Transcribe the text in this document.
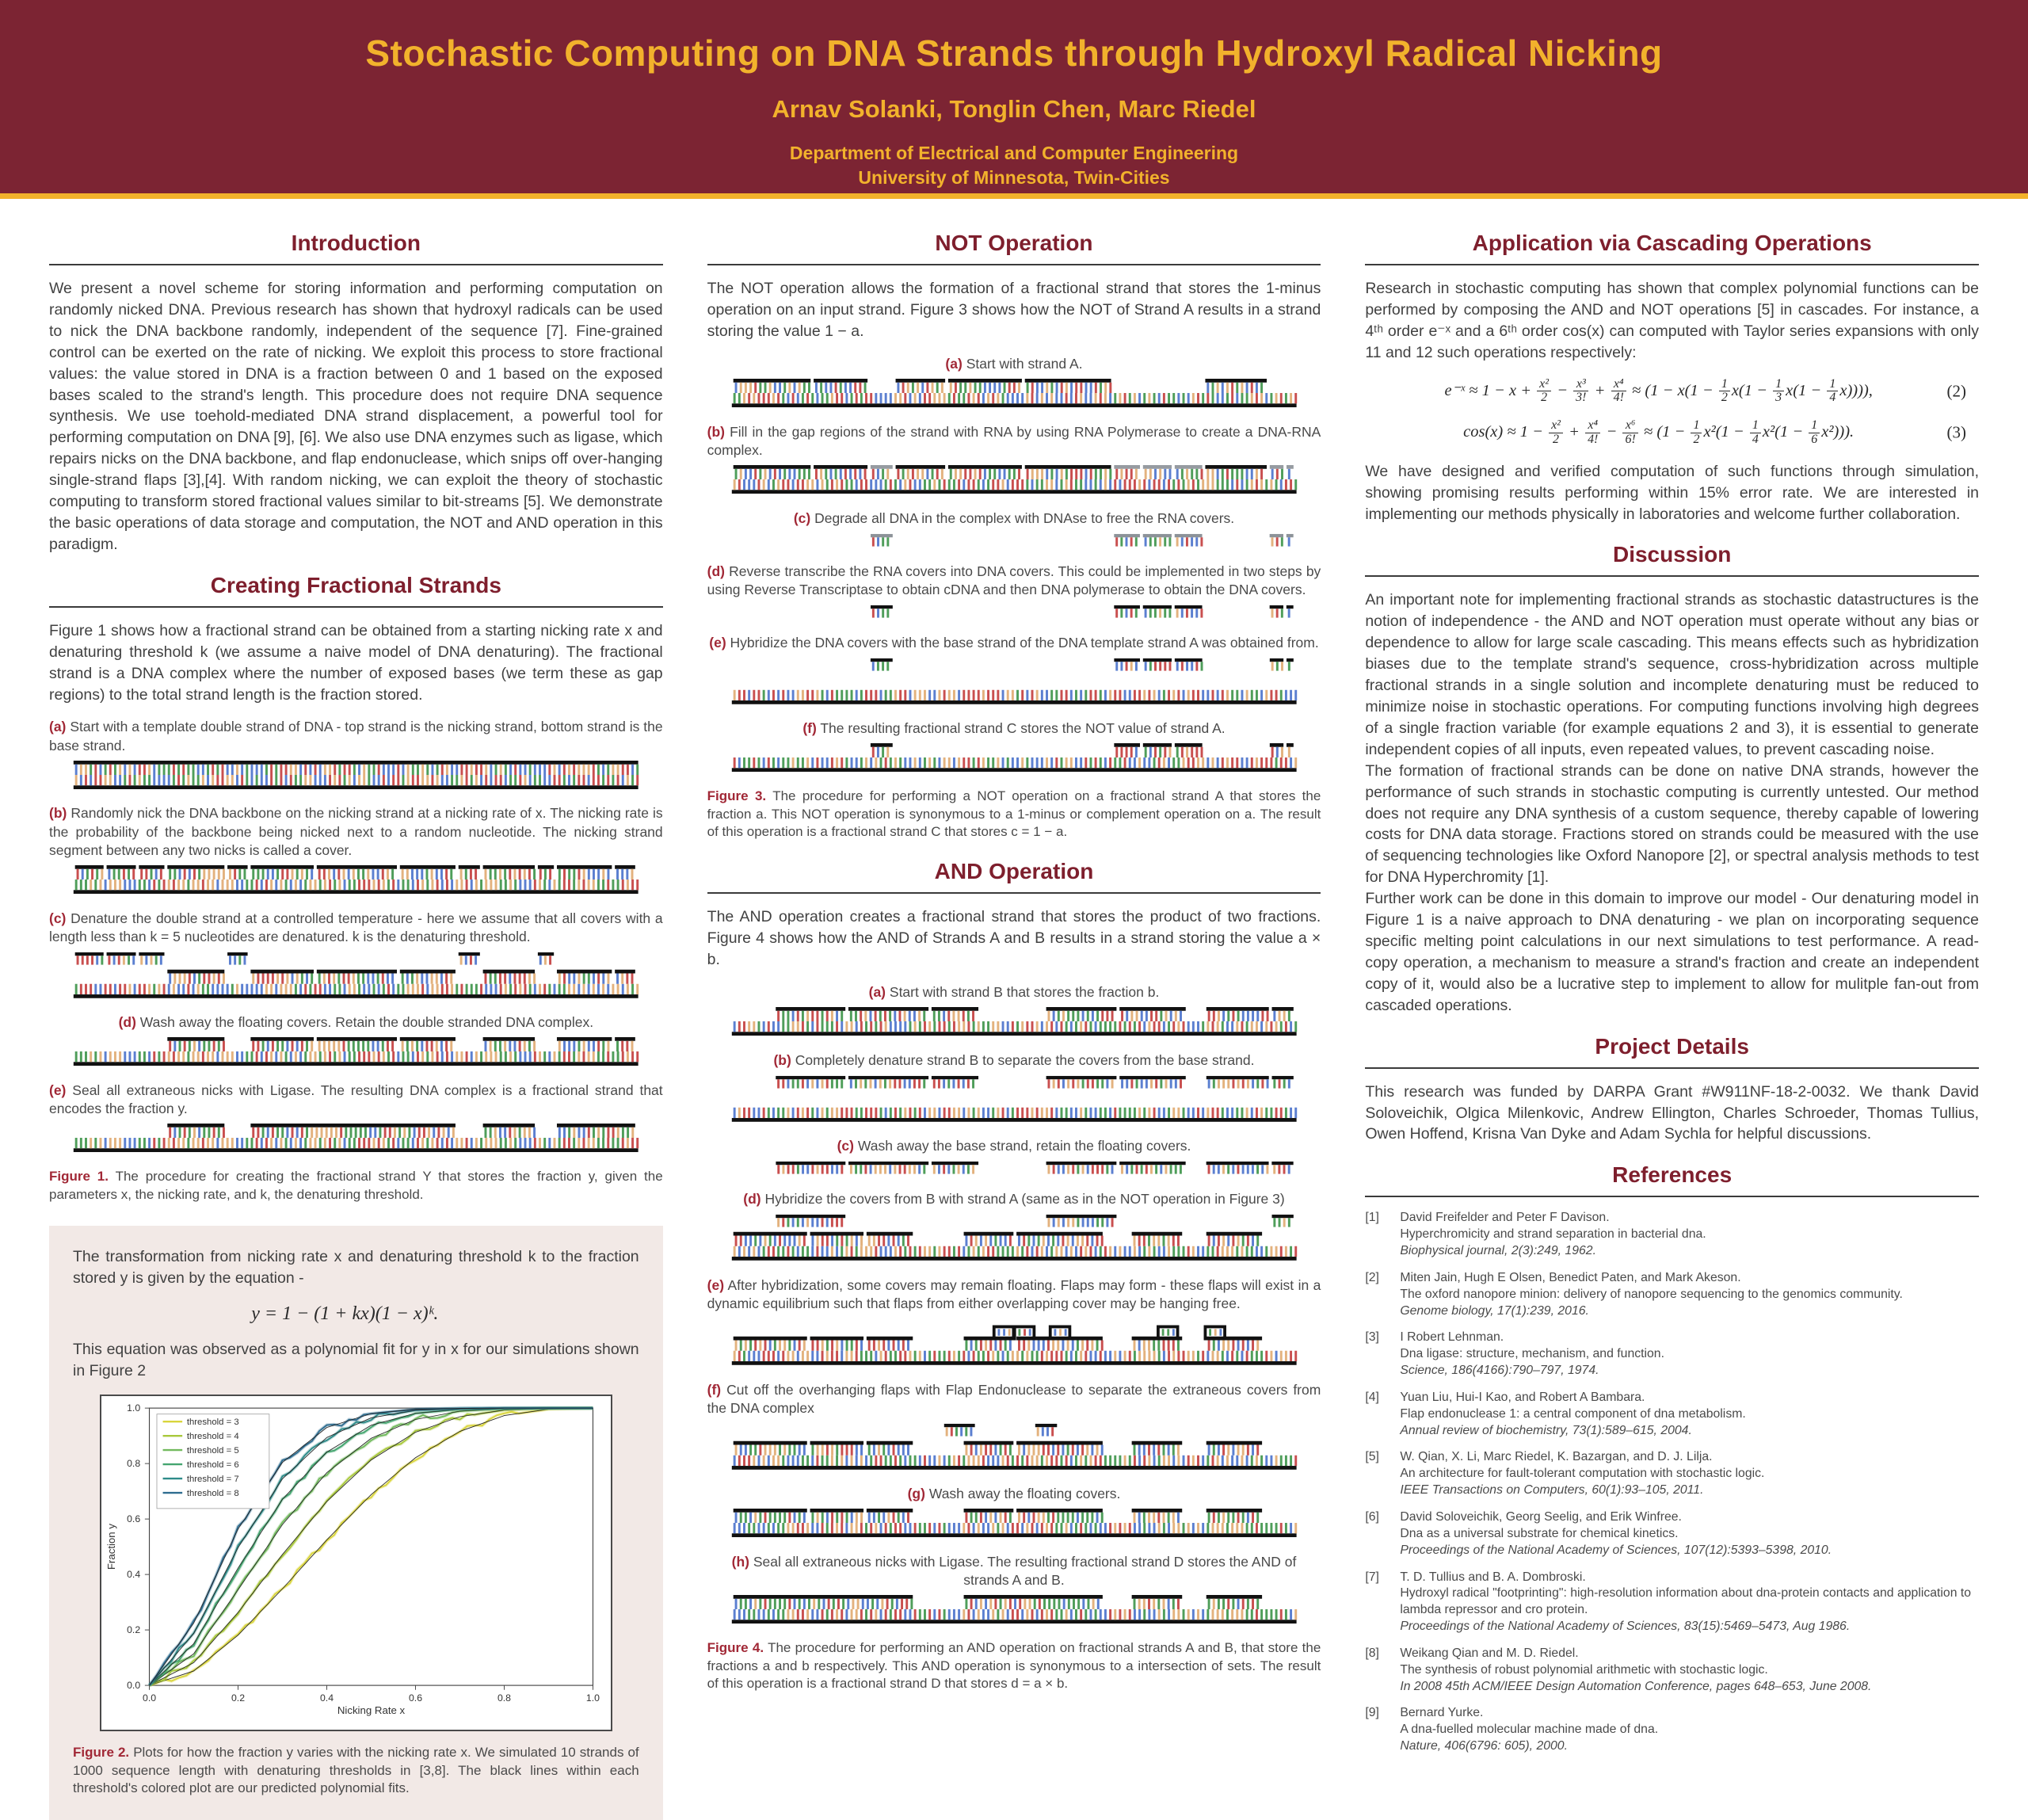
Stochastic Computing on DNA Strands through Hydroxyl Radical Nicking
Arnav Solanki, Tonglin Chen, Marc Riedel
Department of Electrical and Computer Engineering
University of Minnesota, Twin-Cities
Introduction

We present a novel scheme for storing information and performing computation on randomly nicked DNA. Previous research has shown that hydroxyl radicals can be used to nick the DNA backbone randomly, independent of the sequence [7]. Fine-grained control can be exerted on the rate of nicking. We exploit this process to store fractional values: the value stored in DNA is a fraction between 0 and 1 based on the exposed bases scaled to the strand's length. This procedure does not require DNA sequence synthesis. We use toehold-mediated DNA strand displacement, a powerful tool for performing computation on DNA [9], [6]. We also use DNA enzymes such as ligase, which repairs nicks on the DNA backbone, and flap endonuclease, which snips off over-hanging single-strand flaps [3],[4]. With random nicking, we can exploit the theory of stochastic computing to transform stored fractional values similar to bit-streams [5]. We demonstrate the basic operations of data storage and computation, the NOT and AND operation in this paradigm.

Creating Fractional Strands

Figure 1 shows how a fractional strand can be obtained from a starting nicking rate x and denaturing threshold k (we assume a naive model of DNA denaturing). The fractional strand is a DNA complex where the number of exposed bases (we term these as gap regions) to the total strand length is the fraction stored.

(a) Start with a template double strand of DNA - top strand is the nicking strand, bottom strand is the base strand.
(b) Randomly nick the DNA backbone on the nicking strand at a nicking rate of x. The nicking rate is the probability of the backbone being nicked next to a random nucleotide. The nicking strand segment between any two nicks is called a cover.
(c) Denature the double strand at a controlled temperature - here we assume that all covers with a length less than k = 5 nucleotides are denatured. k is the denaturing threshold.
(d) Wash away the floating covers. Retain the double stranded DNA complex.
(e) Seal all extraneous nicks with Ligase. The resulting DNA complex is a fractional strand that encodes the fraction y.
Figure 1. The procedure for creating the fractional strand Y that stores the fraction y, given the parameters x, the nicking rate, and k, the denaturing threshold.

The transformation from nicking rate x and denaturing threshold k to the fraction stored y is given by the equation -

y = 1 − (1 + kx)(1 − x)ᵏ.

This equation was observed as a polynomial fit for y in x for our simulations shown in Figure 2

0.0	0.2	0.4	0.6	0.8	1.0
0.0
0.2
0.4
0.6
0.8
1.0
Nicking Rate x
Fraction y
threshold = 3
threshold = 4
threshold = 5
threshold = 6
threshold = 7
threshold = 8
Figure 2. Plots for how the fraction y varies with the nicking rate x. We simulated 10 strands of 1000 sequence length with denaturing thresholds in [3,8]. The black lines within each threshold's colored plot are our predicted polynomial fits.
NOT Operation

The NOT operation allows the formation of a fractional strand that stores the 1-minus operation on an input strand. Figure 3 shows how the NOT of Strand A results in a strand storing the value 1 − a.

(a) Start with strand A.
(b) Fill in the gap regions of the strand with RNA by using RNA Polymerase to create a DNA-RNA complex.
(c) Degrade all DNA in the complex with DNAse to free the RNA covers.
(d) Reverse transcribe the RNA covers into DNA covers. This could be implemented in two steps by using Reverse Transcriptase to obtain cDNA and then DNA polymerase to obtain the DNA covers.
(e) Hybridize the DNA covers with the base strand of the DNA template strand A was obtained from.
(f) The resulting fractional strand C stores the NOT value of strand A.
Figure 3. The procedure for performing a NOT operation on a fractional strand A that stores the fraction a. This NOT operation is synonymous to a 1-minus or complement operation on a. The result of this operation is a fractional strand C that stores c = 1 − a.
AND Operation

The AND operation creates a fractional strand that stores the product of two fractions. Figure 4 shows how the AND of Strands A and B results in a strand storing the value a × b.

(a) Start with strand B that stores the fraction b.
(b) Completely denature strand B to separate the covers from the base strand.
(c) Wash away the base strand, retain the floating covers.
(d) Hybridize the covers from B with strand A (same as in the NOT operation in Figure 3)
(e) After hybridization, some covers may remain floating. Flaps may form - these flaps will exist in a dynamic equilibrium such that flaps from either overlapping cover may be hanging free.
(f) Cut off the overhanging flaps with Flap Endonuclease to separate the extraneous covers from the DNA complex
(g) Wash away the floating covers.
(h) Seal all extraneous nicks with Ligase. The resulting fractional strand D stores the AND of strands A and B.
Figure 4. The procedure for performing an AND operation on fractional strands A and B, that store the fractions a and b respectively. This AND operation is synonymous to a intersection of sets. The result of this operation is a fractional strand D that stores d = a × b.
Application via Cascading Operations

Research in stochastic computing has shown that complex polynomial functions can be performed by composing the AND and NOT operations [5] in cascades. For instance, a 4ᵗʰ order e⁻ˣ and a 6ᵗʰ order cos(x) can computed with Taylor series expansions with only 11 and 12 such operations respectively:

e⁻ˣ ≈ $1 - x + \frac{\text{x²}}{2} - \frac{\text{x³}}{3!} + \frac{\text{x⁴}}{4!} \approx (1 - x(1 - \frac{1}{2} x(1 - \frac{1}{3} x(1 - \frac{1}{4} x))))$,	(2)
$\cos(x) \approx 1 - \frac{\text{x²}}{2} + \frac{\text{x⁴}}{4!} - \frac{\text{x⁶}}{6!} \approx (1 - \frac{1}{2} x^2(1 - \frac{1}{4} x^2(1 - \frac{1}{6} x^2)))$.	(3)

We have designed and verified computation of such functions through simulation, showing promising results performing within 15% error rate. We are interested in implementing our methods physically in laboratories and welcome further collaboration.

Discussion

An important note for implementing fractional strands as stochastic datastructures is the notion of independence - the AND and NOT operation must operate without any bias or dependence to allow for large scale cascading. This means effects such as hybridization biases due to the template strand's sequence, cross-hybridization across multiple fractional strands in a single solution and incomplete denaturing must be reduced to minimize noise in stochastic operations. For computing functions involving high degrees of a single fraction variable (for example equations 2 and 3), it is essential to generate independent copies of all inputs, even repeated values, to prevent cascading noise.

The formation of fractional strands can be done on native DNA strands, however the performance of such strands in stochastic computing is currently untested. Our method does not require any DNA synthesis of a custom sequence, thereby capable of lowering costs for DNA data storage. Fractions stored on strands could be measured with the use of sequencing technologies like Oxford Nanopore [2], or spectral analysis methods to test for DNA Hyperchromity [1].

Further work can be done in this domain to improve our model - Our denaturing model in Figure 1 is a naive approach to DNA denaturing - we plan on incorporating sequence specific melting point calculations in our next simulations to test performance. A read-copy operation, a mechanism to measure a strand's fraction and create an independent copy of it, would also be a lucrative step to implement to allow for mulitple fan-out from cascaded operations.

Project Details

This research was funded by DARPA Grant #W911NF-18-2-0032. We thank David Soloveichik, Olgica Milenkovic, Andrew Ellington, Charles Schroeder, Thomas Tullius, Owen Hoffend, Krisna Van Dyke and Adam Sychla for helpful discussions.

References
[1]	David Freifelder and Peter F Davison.
Hyperchromicity and strand separation in bacterial dna.
Biophysical journal, 2(3):249, 1962.
[2]	Miten Jain, Hugh E Olsen, Benedict Paten, and Mark Akeson.
The oxford nanopore minion: delivery of nanopore sequencing to the genomics community.
Genome biology, 17(1):239, 2016.
[3]	I Robert Lehnman.
Dna ligase: structure, mechanism, and function.
Science, 186(4166):790–797, 1974.
[4]	Yuan Liu, Hui-I Kao, and Robert A Bambara.
Flap endonuclease 1: a central component of dna metabolism.
Annual review of biochemistry, 73(1):589–615, 2004.
[5]	W. Qian, X. Li, Marc Riedel, K. Bazargan, and D. J. Lilja.
An architecture for fault-tolerant computation with stochastic logic.
IEEE Transactions on Computers, 60(1):93–105, 2011.
[6]	David Soloveichik, Georg Seelig, and Erik Winfree.
Dna as a universal substrate for chemical kinetics.
Proceedings of the National Academy of Sciences, 107(12):5393–5398, 2010.
[7]	T. D. Tullius and B. A. Dombroski.
Hydroxyl radical "footprinting": high-resolution information about dna-protein contacts and application to lambda repressor and cro protein.
Proceedings of the National Academy of Sciences, 83(15):5469–5473, Aug 1986.
[8]	Weikang Qian and M. D. Riedel.
The synthesis of robust polynomial arithmetic with stochastic logic.
In 2008 45th ACM/IEEE Design Automation Conference, pages 648–653, June 2008.
[9]	Bernard Yurke.
A dna-fuelled molecular machine made of dna.
Nature, 406(6796: 605), 2000.
